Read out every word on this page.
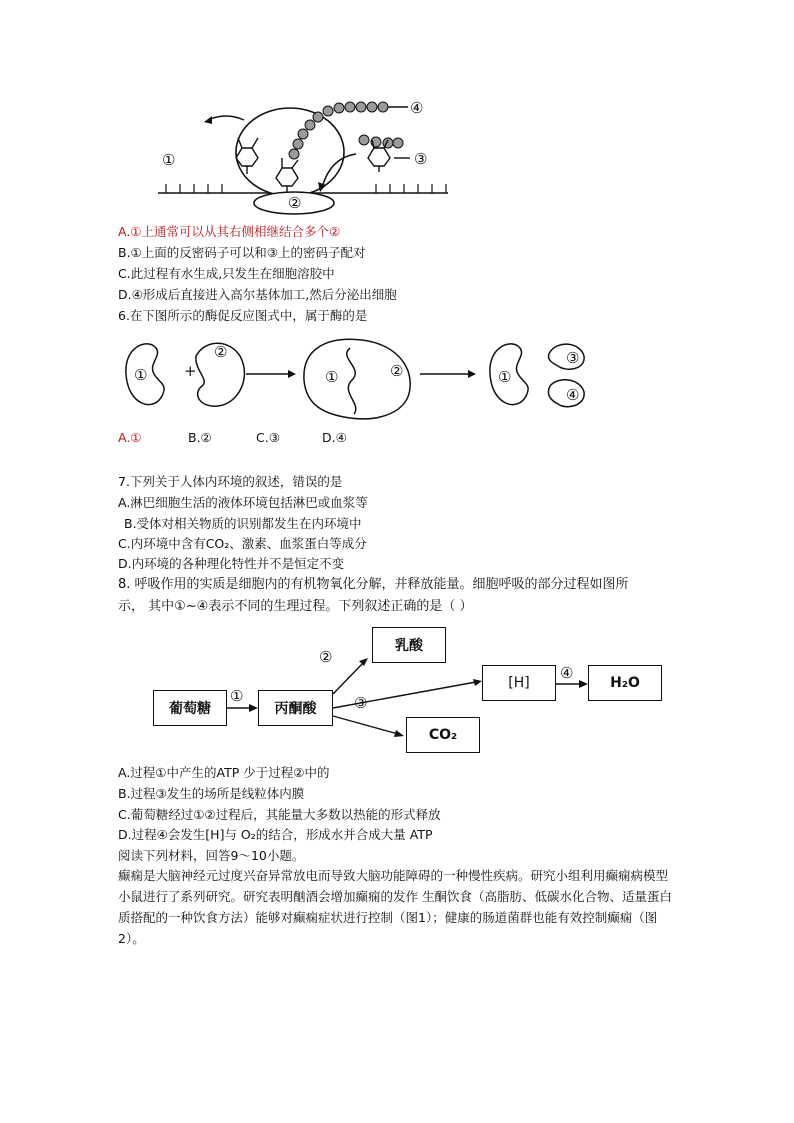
①
②
③
④
A.①上通常可以从其右侧相继结合多个②
B.①上面的反密码子可以和③上的密码子配对
C.此过程有水生成,只发生在细胞溶胶中
D.④形成后直接进入高尔基体加工,然后分泌出细胞
6.在下图所示的酶促反应图式中，属于酶的是
① +
②
①	②	①
③
④
A.①	B.②	C.③	D.④
7.下列关于人体内环境的叙述，错误的是
A.淋巴细胞生活的液体环境包括淋巴或血浆等
B.受体对相关物质的识别都发生在内环境中
C.内环境中含有CO₂、激素、血浆蛋白等成分
D.内环境的各种理化特性并不是恒定不变
8. 呼吸作用的实质是细胞内的有机物氧化分解，并释放能量。细胞呼吸的部分过程如图所
示， 其中①~④表示不同的生理过程。下列叙述正确的是（ ）
葡萄糖	丙酮酸
乳酸
[H]	H₂O
CO₂
①
②
③
④
A.过程①中产生的ATP 少于过程②中的
B.过程③发生的场所是线粒体内膜
C.葡萄糖经过①②过程后，其能量大多数以热能的形式释放
D.过程④会发生[H]与 O₂的结合，形成水并合成大量 ATP
阅读下列材料，回答9～10小题。
癫痫是大脑神经元过度兴奋异常放电而导致大脑功能障碍的一种慢性疾病。研究小组利用癫痫病模型小鼠进行了系列研究。研究表明酗酒会增加癫痫的发作 生酮饮食（高脂肪、低碳水化合物、适量蛋白质搭配的一种饮食方法）能够对癫痫症状进行控制（图1）；健康的肠道菌群也能有效控制癫痫（图2）。
